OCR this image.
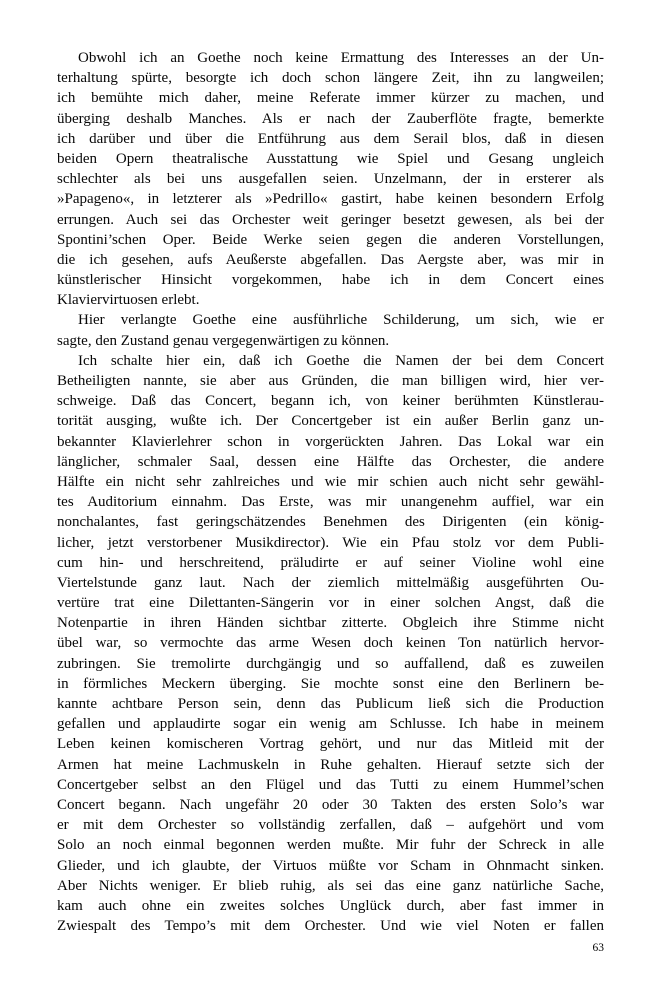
Obwohl ich an Goethe noch keine Ermattung des Interesses an der Un-
terhaltung spürte, besorgte ich doch schon längere Zeit, ihn zu langweilen;
ich bemühte mich daher, meine Referate immer kürzer zu machen, und
überging deshalb Manches. Als er nach der Zauberflöte fragte, bemerkte
ich darüber und über die Entführung aus dem Serail blos, daß in diesen
beiden Opern theatralische Ausstattung wie Spiel und Gesang ungleich
schlechter als bei uns ausgefallen seien. Unzelmann, der in ersterer als
»Papageno«, in letzterer als »Pedrillo« gastirt, habe keinen besondern Erfolg
errungen. Auch sei das Orchester weit geringer besetzt gewesen, als bei der
Spontini’schen Oper. Beide Werke seien gegen die anderen Vorstellungen,
die ich gesehen, aufs Aeußerste abgefallen. Das Aergste aber, was mir in
künstlerischer Hinsicht vorgekommen, habe ich in dem Concert eines
Klaviervirtuosen erlebt.

Hier verlangte Goethe eine ausführliche Schilderung, um sich, wie er
sagte, den Zustand genau vergegenwärtigen zu können.

Ich schalte hier ein, daß ich Goethe die Namen der bei dem Concert
Betheiligten nannte, sie aber aus Gründen, die man billigen wird, hier ver-
schweige. Daß das Concert, begann ich, von keiner berühmten Künstlerau-
torität ausging, wußte ich. Der Concertgeber ist ein außer Berlin ganz un-
bekannter Klavierlehrer schon in vorgerückten Jahren. Das Lokal war ein
länglicher, schmaler Saal, dessen eine Hälfte das Orchester, die andere
Hälfte ein nicht sehr zahlreiches und wie mir schien auch nicht sehr gewähl-
tes Auditorium einnahm. Das Erste, was mir unangenehm auffiel, war ein
nonchalantes, fast geringschätzendes Benehmen des Dirigenten (ein könig-
licher, jetzt verstorbener Musikdirector). Wie ein Pfau stolz vor dem Publi-
cum hin- und herschreitend, präludirte er auf seiner Violine wohl eine
Viertelstunde ganz laut. Nach der ziemlich mittelmäßig ausgeführten Ou-
vertüre trat eine Dilettanten-Sängerin vor in einer solchen Angst, daß die
Notenpartie in ihren Händen sichtbar zitterte. Obgleich ihre Stimme nicht
übel war, so vermochte das arme Wesen doch keinen Ton natürlich hervor-
zubringen. Sie tremolirte durchgängig und so auffallend, daß es zuweilen
in förmliches Meckern überging. Sie mochte sonst eine den Berlinern be-
kannte achtbare Person sein, denn das Publicum ließ sich die Production
gefallen und applaudirte sogar ein wenig am Schlusse. Ich habe in meinem
Leben keinen komischeren Vortrag gehört, und nur das Mitleid mit der
Armen hat meine Lachmuskeln in Ruhe gehalten. Hierauf setzte sich der
Concertgeber selbst an den Flügel und das Tutti zu einem Hummel’schen
Concert begann. Nach ungefähr 20 oder 30 Takten des ersten Solo’s war
er mit dem Orchester so vollständig zerfallen, daß – aufgehört und vom
Solo an noch einmal begonnen werden mußte. Mir fuhr der Schreck in alle
Glieder, und ich glaubte, der Virtuos müßte vor Scham in Ohnmacht sinken.
Aber Nichts weniger. Er blieb ruhig, als sei das eine ganz natürliche Sache,
kam auch ohne ein zweites solches Unglück durch, aber fast immer in
Zwiespalt des Tempo’s mit dem Orchester. Und wie viel Noten er fallen

63
